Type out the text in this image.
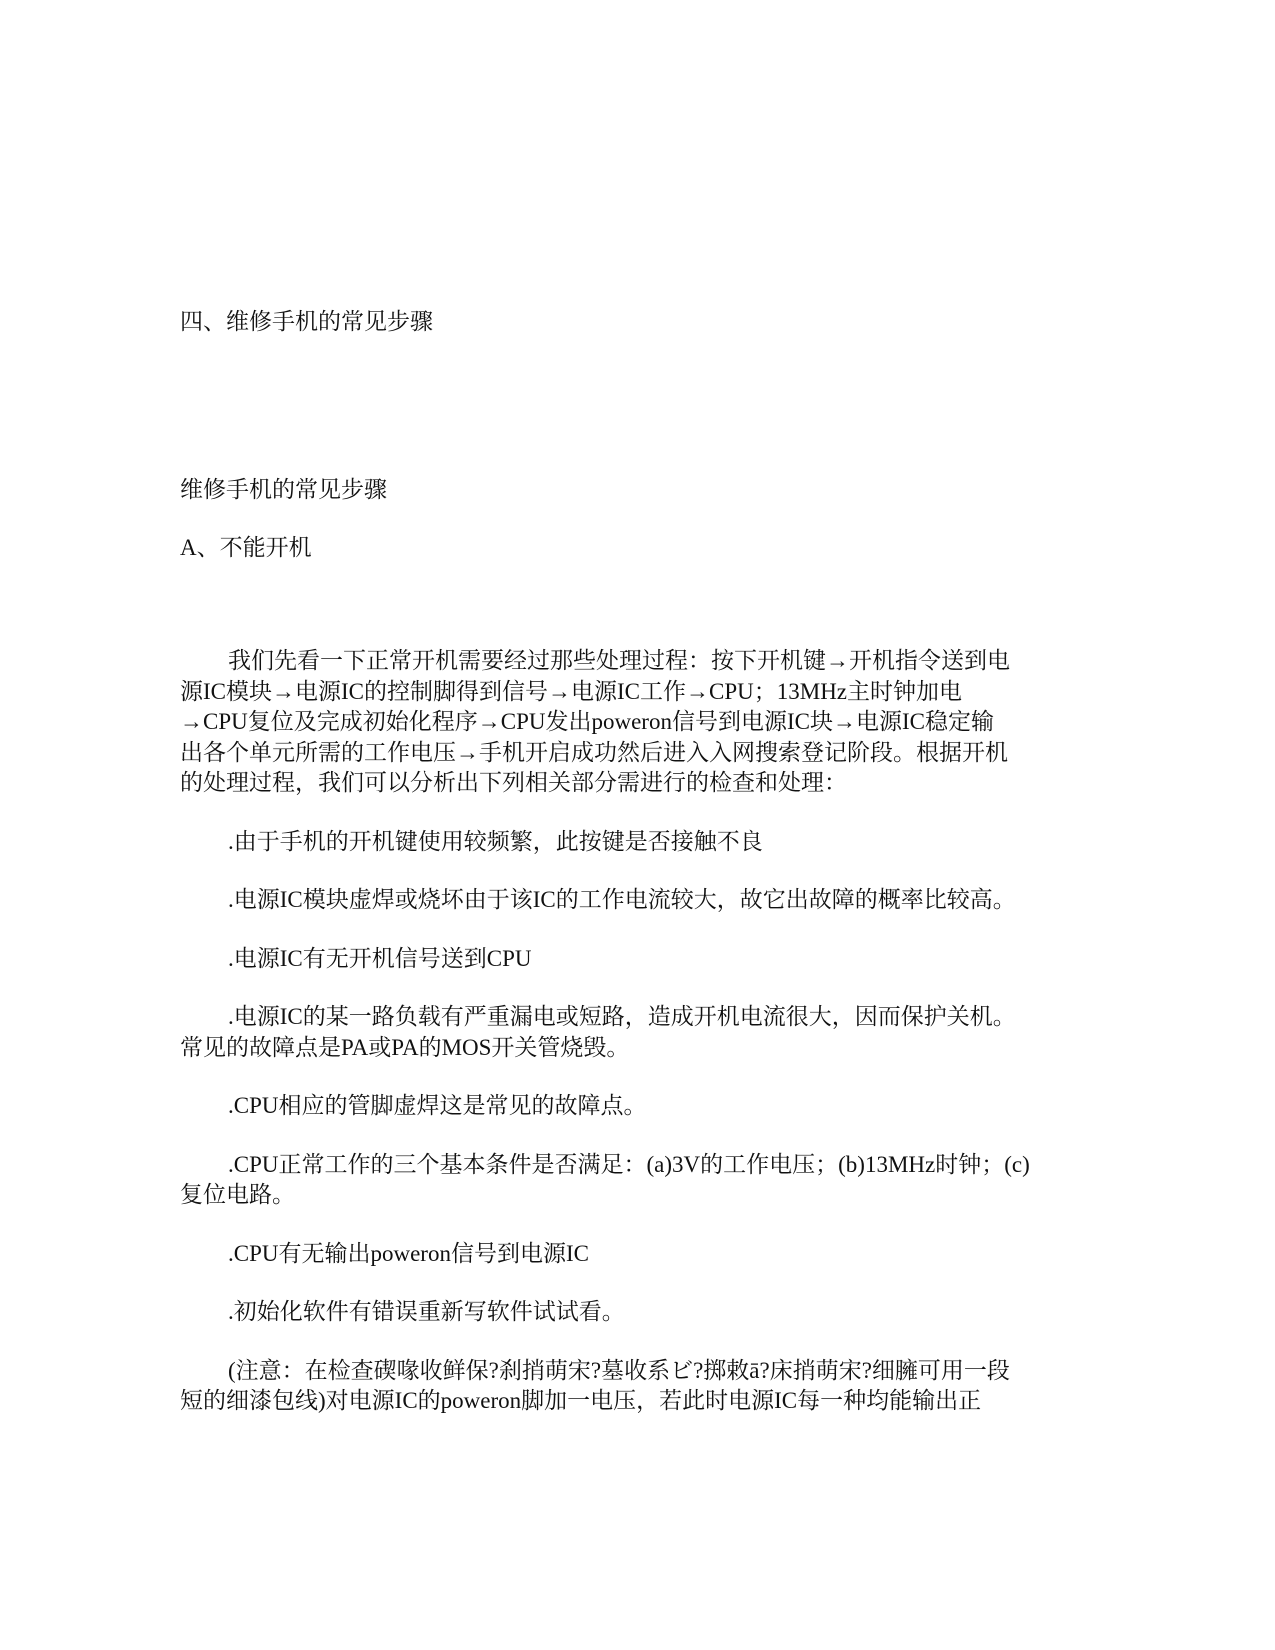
四、维修手机的常见步骤
维修手机的常见步骤
A、不能开机
我们先看一下正常开机需要经过那些处理过程：按下开机键→开机指令送到电
源IC模块→电源IC的控制脚得到信号→电源IC工作→CPU；13MHz主时钟加电
→CPU复位及完成初始化程序→CPU发出poweron信号到电源IC块→电源IC稳定输
出各个单元所需的工作电压→手机开启成功然后进入入网搜索登记阶段。根据开机
的处理过程，我们可以分析出下列相关部分需进行的检查和处理：
.由于手机的开机键使用较频繁，此按键是否接触不良
.电源IC模块虚焊或烧坏由于该IC的工作电流较大，故它出故障的概率比较高。
.电源IC有无开机信号送到CPU
.电源IC的某一路负载有严重漏电或短路，造成开机电流很大，因而保护关机。
常见的故障点是PA或PA的MOS开关管烧毁。
.CPU相应的管脚虚焊这是常见的故障点。
.CPU正常工作的三个基本条件是否满足：(a)3V的工作电压；(b)13MHz时钟；(c)
复位电路。
.CPU有无输出poweron信号到电源IC
.初始化软件有错误重新写软件试试看。
(注意：在检查碶喙收鲜保?刹捎萌宋?墓收系ビ?掷敕ā?床捎萌宋?细臃可用一段
短的细漆包线)对电源IC的poweron脚加一电压，若此时电源IC每一种均能输出正
